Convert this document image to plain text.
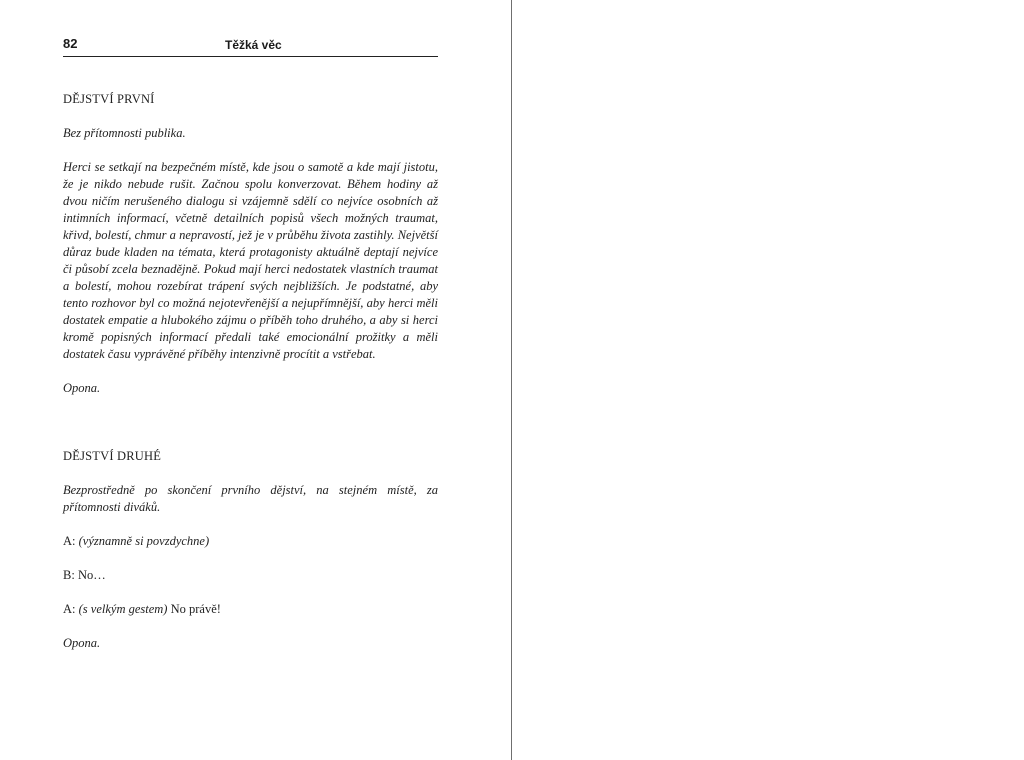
82	Těžká věc

DĚJSTVÍ PRVNÍ

Bez přítomnosti publika.

Herci se setkají na bezpečném místě, kde jsou o samotě a kde mají jistotu, že je nikdo nebude rušit. Začnou spolu konverzovat. Během hodiny až dvou ničím nerušeného dialogu si vzájemně sdělí co nejvíce osobních až intimních informací, včetně detailních popisů všech možných traumat, křivd, bolestí, chmur a nepravostí, jež je v průběhu života zastihly. Největší důraz bude kladen na témata, která protagonisty aktuálně deptají nejvíce či působí zcela beznadějně. Pokud mají herci nedostatek vlastních traumat a bolestí, mohou rozebírat trápení svých nejbližších. Je podstatné, aby tento rozhovor byl co možná nejotevřenější a nejupřímnější, aby herci měli dostatek empatie a hlubokého zájmu o příběh toho druhého, a aby si herci kromě popisných informací předali také emocionální prožitky a měli dostatek času vyprávěné příběhy intenzivně procítit a vstřebat.

Opona.

DĚJSTVÍ DRUHÉ

Bezprostředně po skončení prvního dějství, na stejném místě, za přítomnosti diváků.

A: (významně si povzdychne)

B: No…

A: (s velkým gestem) No právě!

Opona.
